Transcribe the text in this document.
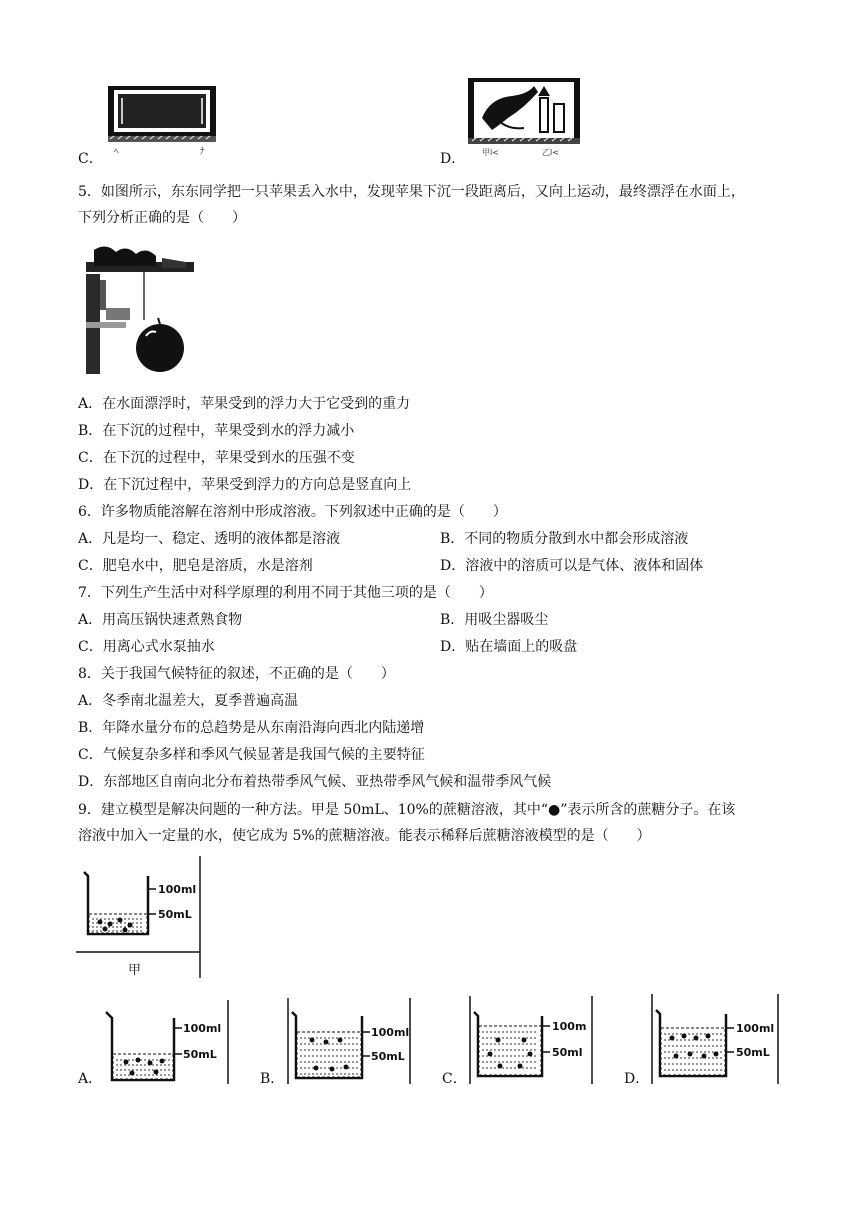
ﾍ	ﾅ
C．	甲l<	乙l<
D．
5．如图所示，东东同学把一只苹果丢入水中，发现苹果下沉一段距离后，又向上运动，最终漂浮在水面上，
下列分析正确的是（　　）
A．在水面漂浮时，苹果受到的浮力大于它受到的重力
B．在下沉的过程中，苹果受到水的浮力减小
C．在下沉的过程中，苹果受到水的压强不变
D．在下沉过程中，苹果受到浮力的方向总是竖直向上
6．许多物质能溶解在溶剂中形成溶液。下列叙述中正确的是（　　）
A．凡是均一、稳定、透明的液体都是溶液	B．不同的物质分散到水中都会形成溶液
C．肥皂水中，肥皂是溶质，水是溶剂	D．溶液中的溶质可以是气体、液体和固体
7．下列生产生活中对科学原理的利用不同于其他三项的是（　　）
A．用高压锅快速煮熟食物	B．用吸尘器吸尘
C．用离心式水泵抽水	D．贴在墙面上的吸盘
8．关于我国气候特征的叙述，不正确的是（　　）
A．冬季南北温差大，夏季普遍高温
B．年降水量分布的总趋势是从东南沿海向西北内陆递增
C．气候复杂多样和季风气候显著是我国气候的主要特征
D．东部地区自南向北分布着热带季风气候、亚热带季风气候和温带季风气候
9．建立模型是解决问题的一种方法。甲是 50mL、10%的蔗糖溶液，其中“●”表示所含的蔗糖分子。在该
溶液中加入一定量的水，使它成为 5%的蔗糖溶液。能表示稀释后蔗糖溶液模型的是（　　）
100ml
50mL
甲
A．
100ml
50mL
B．
100ml
50mL
C．
100m
50ml
D．
100ml
50mL
